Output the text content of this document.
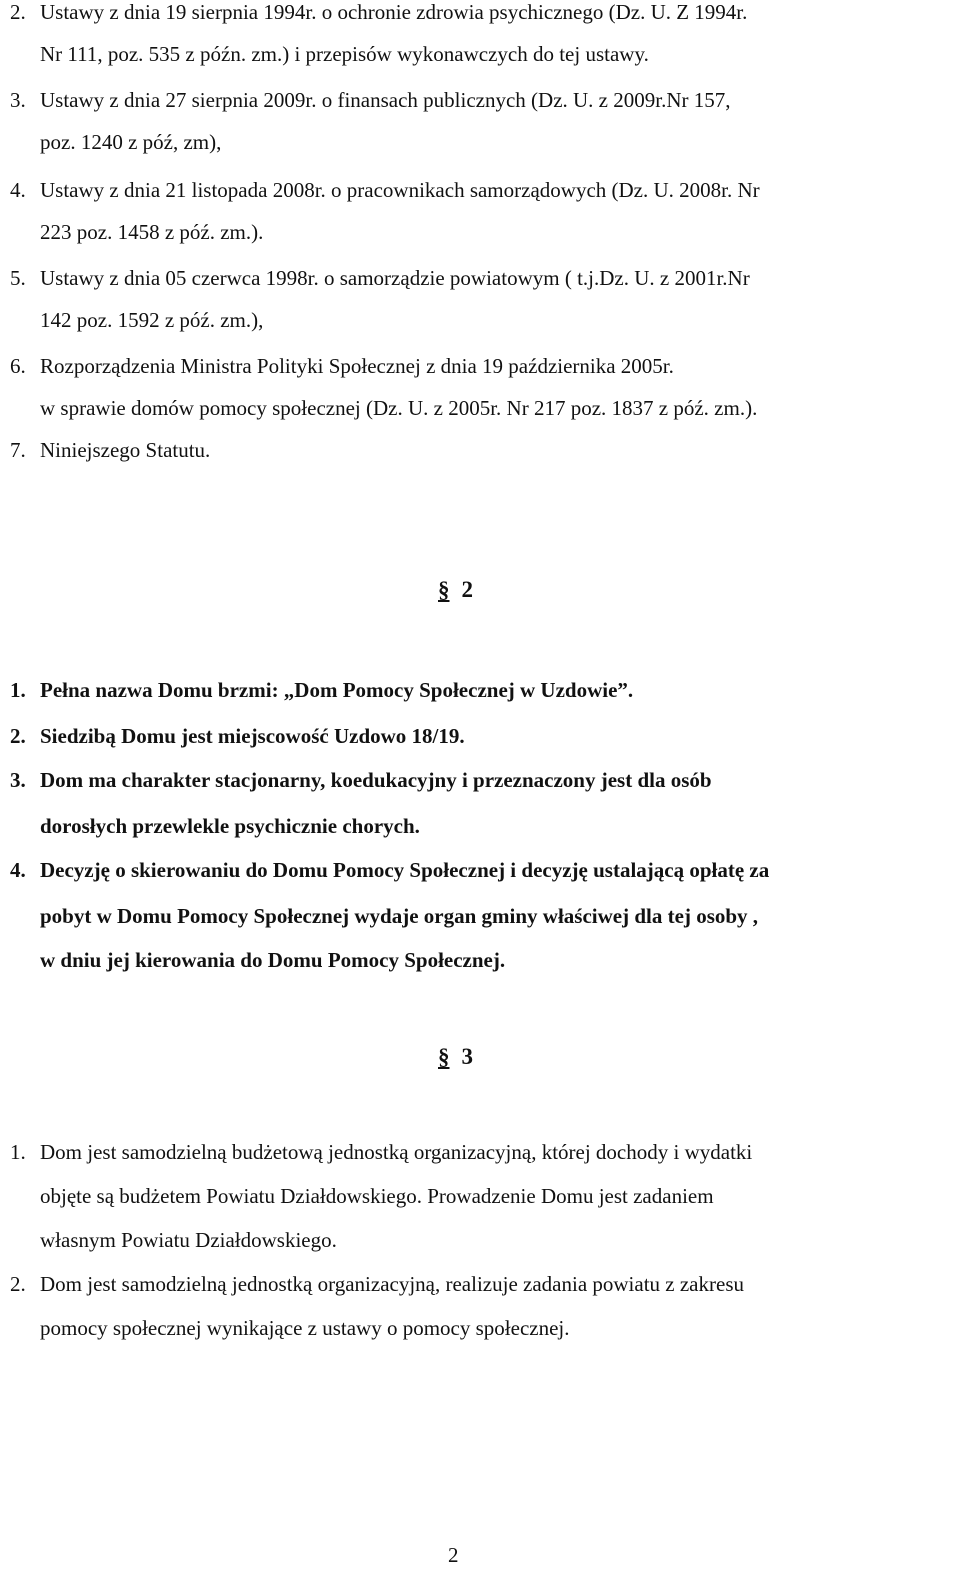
2. Ustawy z dnia 19 sierpnia 1994r. o ochronie zdrowia psychicznego (Dz. U. Z 1994r.
Nr 111, poz. 535 z późn. zm.) i przepisów wykonawczych do tej ustawy.
3. Ustawy z dnia 27 sierpnia 2009r. o finansach publicznych (Dz. U. z 2009r.Nr 157,
poz. 1240 z póź, zm),
4. Ustawy z dnia 21 listopada 2008r. o pracownikach samorządowych (Dz. U. 2008r. Nr
223 poz. 1458 z póź. zm.).
5. Ustawy z dnia 05 czerwca 1998r. o samorządzie powiatowym ( t.j.Dz. U. z 2001r.Nr
142 poz. 1592 z póź. zm.),
6. Rozporządzenia Ministra Polityki Społecznej z dnia 19 października 2005r.
w sprawie domów pomocy społecznej (Dz. U. z 2005r. Nr 217 poz. 1837 z póź. zm.).
7. Niniejszego Statutu.
§ 2
1. Pełna nazwa Domu brzmi: „Dom Pomocy Społecznej w Uzdowie”.
2. Siedzibą Domu jest miejscowość Uzdowo 18/19.
3. Dom ma charakter stacjonarny, koedukacyjny i przeznaczony jest dla osób
dorosłych przewlekle psychicznie chorych.
4. Decyzję o skierowaniu do Domu Pomocy Społecznej i decyzję ustalającą opłatę za
pobyt w Domu Pomocy Społecznej wydaje organ gminy właściwej dla tej osoby ,
w dniu jej kierowania do Domu Pomocy Społecznej.
§ 3
1. Dom jest samodzielną budżetową jednostką organizacyjną, której dochody i wydatki
objęte są budżetem Powiatu Działdowskiego. Prowadzenie Domu jest zadaniem
własnym Powiatu Działdowskiego.
2. Dom jest samodzielną jednostką organizacyjną, realizuje zadania powiatu z zakresu
pomocy społecznej wynikające z ustawy o pomocy społecznej.
2
